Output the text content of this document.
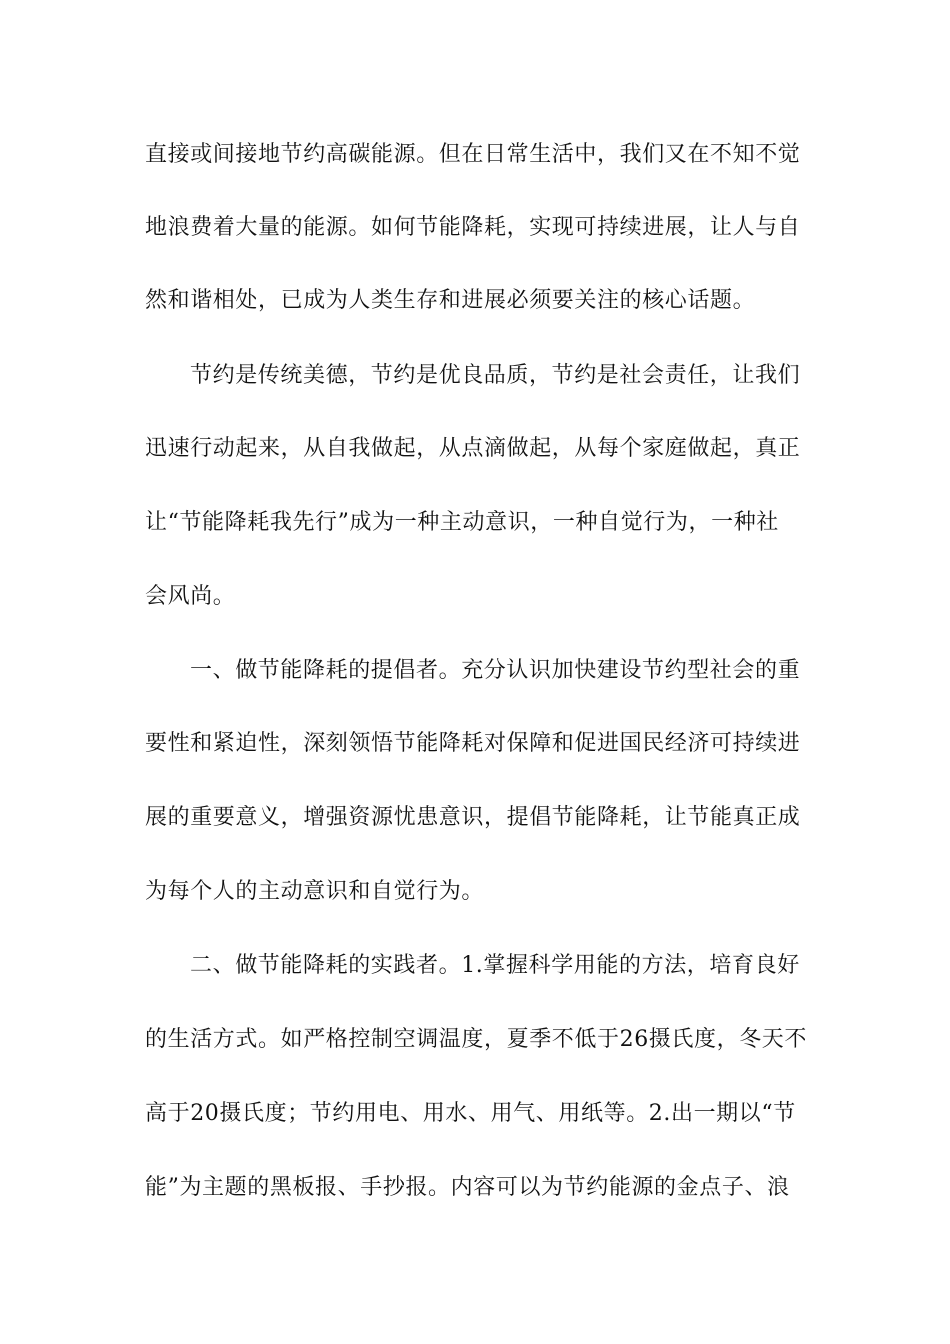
直接或间接地节约高碳能源。但在日常生活中，我们又在不知不觉
地浪费着大量的能源。如何节能降耗，实现可持续进展，让人与自
然和谐相处，已成为人类生存和进展必须要关注的核心话题。
节约是传统美德，节约是优良品质，节约是社会责任，让我们
迅速行动起来，从自我做起，从点滴做起，从每个家庭做起，真正
让“节能降耗我先行”成为一种主动意识，一种自觉行为，一种社
会风尚。
一、做节能降耗的提倡者。充分认识加快建设节约型社会的重
要性和紧迫性，深刻领悟节能降耗对保障和促进国民经济可持续进
展的重要意义，增强资源忧患意识，提倡节能降耗，让节能真正成
为每个人的主动意识和自觉行为。
二、做节能降耗的实践者。1.掌握科学用能的方法，培育良好
的生活方式。如严格控制空调温度，夏季不低于26摄氏度，冬天不
高于20摄氏度；节约用电、用水、用气、用纸等。2.出一期以“节
能”为主题的黑板报、手抄报。内容可以为节约能源的金点子、浪
